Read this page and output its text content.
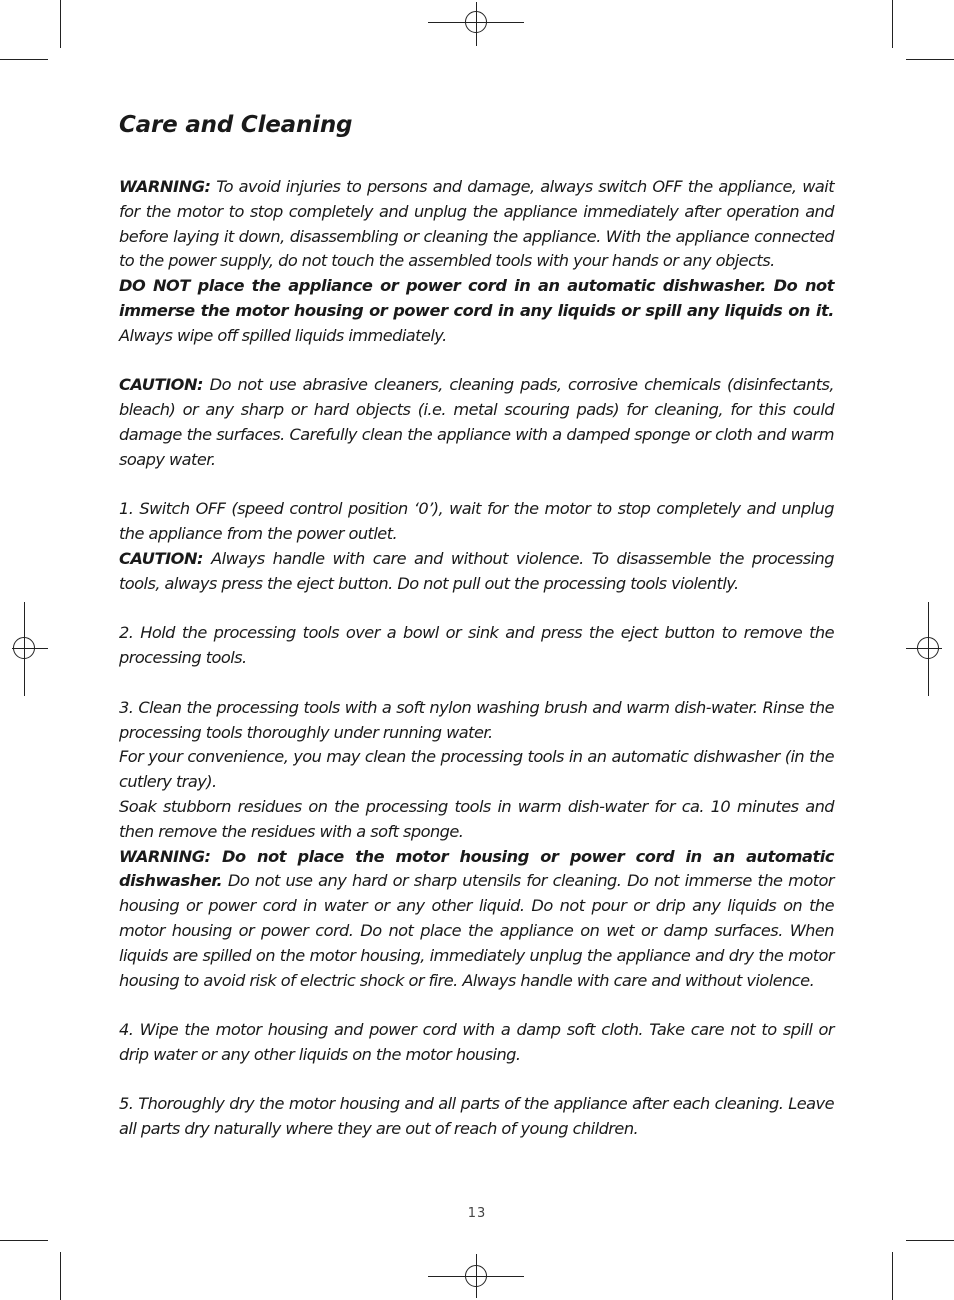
Care and Cleaning

WARNING: To avoid injuries to persons and damage, always switch OFF the appliance, wait for the motor to stop completely and unplug the appliance immediately after operation and before laying it down, disassembling or cleaning the appliance. With the appliance connected to the power supply, do not touch the assembled tools with your hands or any objects.

DO NOT place the appliance or power cord in an automatic dishwasher. Do not immerse the motor housing or power cord in any liquids or spill any liquids on it. Always wipe off spilled liquids immediately.

CAUTION: Do not use abrasive cleaners, cleaning pads, corrosive chemicals (disinfectants, bleach) or any sharp or hard objects (i.e. metal scouring pads) for cleaning, for this could damage the surfaces. Carefully clean the appliance with a damped sponge or cloth and warm soapy water.

1. Switch OFF (speed control position ‘0’), wait for the motor to stop completely and unplug the appliance from the power outlet.

CAUTION: Always handle with care and without violence. To disassemble the processing tools, always press the eject button. Do not pull out the processing tools violently.

2. Hold the processing tools over a bowl or sink and press the eject button to remove the processing tools.

3. Clean the processing tools with a soft nylon washing brush and warm dish-water. Rinse the processing tools thoroughly under running water.

For your convenience, you may clean the processing tools in an automatic dishwasher (in the cutlery tray).

Soak stubborn residues on the processing tools in warm dish-water for ca. 10 minutes and then remove the residues with a soft sponge.

WARNING: Do not place the motor housing or power cord in an automatic dishwasher. Do not use any hard or sharp utensils for cleaning. Do not immerse the motor housing or power cord in water or any other liquid. Do not pour or drip any liquids on the motor housing or power cord. Do not place the appliance on wet or damp surfaces. When liquids are spilled on the motor housing, immediately unplug the appliance and dry the motor housing to avoid risk of electric shock or fire. Always handle with care and without violence.

4. Wipe the motor housing and power cord with a damp soft cloth. Take care not to spill or drip water or any other liquids on the motor housing.

5. Thoroughly dry the motor housing and all parts of the appliance after each cleaning. Leave all parts dry naturally where they are out of reach of young children.

13
